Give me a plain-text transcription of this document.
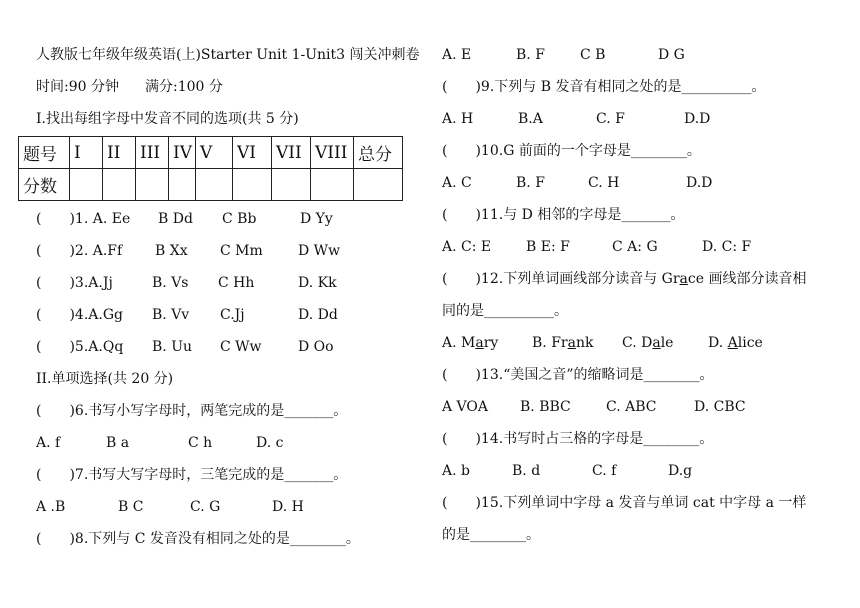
人教版七年级年级英语(上)Starter Unit 1-Unit3 闯关冲刺卷
时间:90 分钟 满分:100 分
I.找出每组字母中发音不同的选项(共 5 分)
题号	I	II	III	IV	V	VI	VII	VIII	总分
分数									
(　　)1. A. Ee B Dd C Bb	D Yy
(　　)2. A.Ff B Xx C Mm	D Ww
(　　)3.A.Jj	B. Vs C Hh	D. Kk
(　　)4.A.Gg B. Vv C.Jj	D. Dd
(　　)5.A.Qq B. Uu C Ww	D Oo
II.单项选择(共 20 分)
(　　)6.书写小写字母时，两笔完成的是_______。
A. f	B a	C h	D. c
(　　)7.书写大写字母时，三笔完成的是_______。
A .B	B C	C. G	D. H
(　　)8.下列与 C 发音没有相同之处的是________。
A. E	B. F	C B	D G
(　　)9.下列与 B 发音有相同之处的是__________。
A. H	B.A	C. F	D.D
(　　)10.G 前面的一个字母是________。
A. C	B. F	C. H	D.D
(　　)11.与 D 相邻的字母是_______。
A. C: E B E: F	C A: G	D. C: F
(　　)12.下列单词画线部分读音与 Grace 画线部分读音相
同的是__________。
A. Mary B. Frank C. Dale D. Alice
(　　)13.“美国之音”的缩略词是________。
A VOA B. BBC	C. ABC	D. CBC
(　　)14.书写时占三格的字母是________。
A. b	B. d	C. f	D.g
(　　)15.下列单词中字母 a 发音与单词 cat 中字母 a 一样
的是________。
